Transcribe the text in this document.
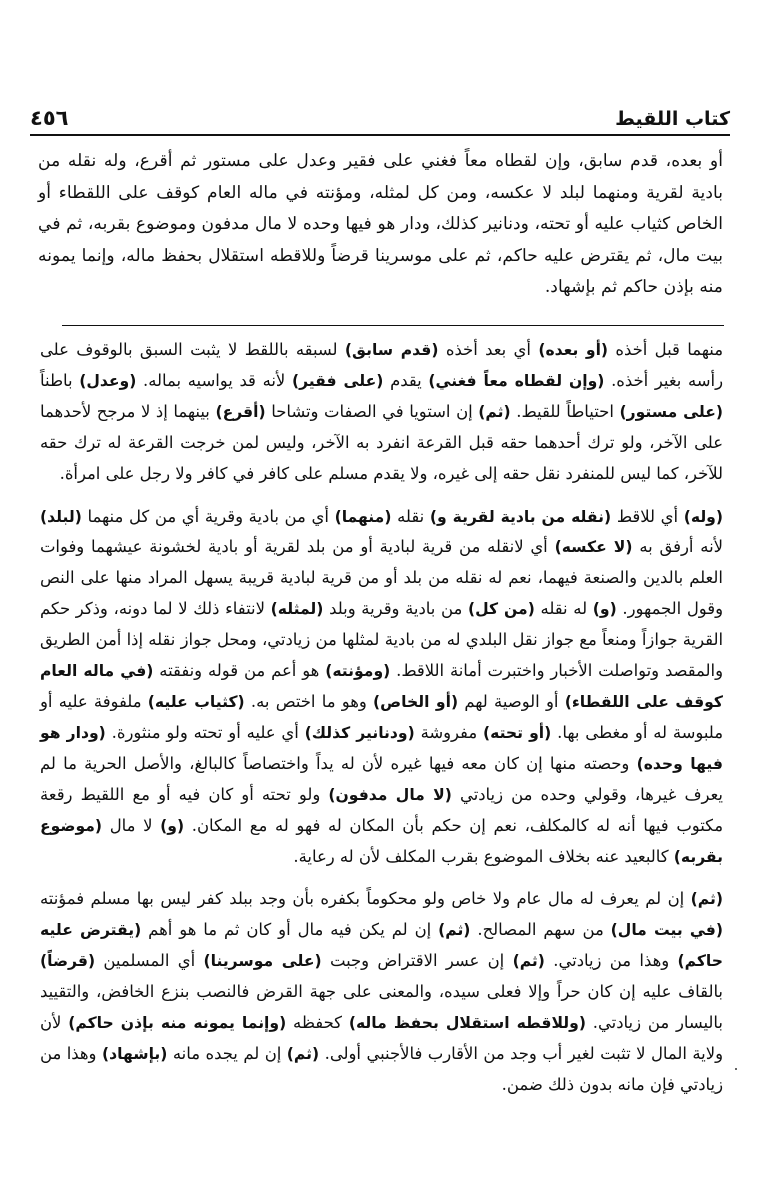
٤٥٦	كتاب اللقيط

أو بعده، قدم سابق، وإن لقطاه معاً فغني على فقير وعدل على مستور ثم أقرع، وله نقله من بادية لقرية ومنهما لبلد لا عكسه، ومن كل لمثله، ومؤنته في ماله العام كوقف على اللقطاء أو الخاص كثياب عليه أو تحته، ودنانير كذلك، ودار هو فيها وحده لا مال مدفون وموضوع بقربه، ثم في بيت مال، ثم يقترض عليه حاكم، ثم على موسرينا قرضاً وللاقطه استقلال بحفظ ماله، وإنما يمونه منه بإذن حاكم ثم بإشهاد.

منهما قبل أخذه (أو بعده) أي بعد أخذه (قدم سابق) لسبقه باللقط لا يثبت السبق بالوقوف على رأسه بغير أخذه. (وإن لقطاه معاً فغني) يقدم (على فقير) لأنه قد يواسيه بماله. (وعدل) باطناً (على مستور) احتياطاً للقيط. (ثم) إن استويا في الصفات وتشاحا (أقرع) بينهما إذ لا مرجح لأحدهما على الآخر، ولو ترك أحدهما حقه قبل القرعة انفرد به الآخر، وليس لمن خرجت القرعة له ترك حقه للآخر، كما ليس للمنفرد نقل حقه إلى غيره، ولا يقدم مسلم على كافر في كافر ولا رجل على امرأة.

(وله) أي للاقط (نقله من بادية لقرية و) نقله (منهما) أي من بادية وقرية أي من كل منهما (لبلد) لأنه أرفق به (لا عكسه) أي لانقله من قرية لبادية أو من بلد لقرية أو بادية لخشونة عيشهما وفوات العلم بالدين والصنعة فيهما، نعم له نقله من بلد أو من قرية لبادية قريبة يسهل المراد منها على النص وقول الجمهور. (و) له نقله (من كل) من بادية وقرية وبلد (لمثله) لانتفاء ذلك لا لما دونه، وذكر حكم القرية جوازاً ومنعاً مع جواز نقل البلدي له من بادية لمثلها من زيادتي، ومحل جواز نقله إذا أمن الطريق والمقصد وتواصلت الأخبار واختبرت أمانة اللاقط. (ومؤنته) هو أعم من قوله ونفقته (في ماله العام كوقف على اللقطاء) أو الوصية لهم (أو الخاص) وهو ما اختص به. (كثياب عليه) ملفوفة عليه أو ملبوسة له أو مغطى بها. (أو تحته) مفروشة (ودنانير كذلك) أي عليه أو تحته ولو منثورة. (ودار هو فيها وحده) وحصته منها إن كان معه فيها غيره لأن له يداً واختصاصاً كالبالغ، والأصل الحرية ما لم يعرف غيرها، وقولي وحده من زيادتي (لا مال مدفون) ولو تحته أو كان فيه أو مع اللقيط رقعة مكتوب فيها أنه له كالمكلف، نعم إن حكم بأن المكان له فهو له مع المكان. (و) لا مال (موضوع بقربه) كالبعيد عنه بخلاف الموضوع بقرب المكلف لأن له رعاية.

(ثم) إن لم يعرف له مال عام ولا خاص ولو محكوماً بكفره بأن وجد ببلد كفر ليس بها مسلم فمؤنته (في بيت مال) من سهم المصالح. (ثم) إن لم يكن فيه مال أو كان ثم ما هو أهم (يقترض عليه حاكم) وهذا من زيادتي. (ثم) إن عسر الاقتراض وجبت (على موسرينا) أي المسلمين (قرضاً) بالقاف عليه إن كان حراً وإلا فعلى سيده، والمعنى على جهة القرض فالنصب بنزع الخافض، والتقييد باليسار من زيادتي. (وللاقطه استقلال بحفظ ماله) كحفظه (وإنما يمونه منه بإذن حاكم) لأن ولاية المال لا تثبت لغير أب وجد من الأقارب فالأجنبي أولى. (ثم) إن لم يجده مانه (بإشهاد) وهذا من زيادتي فإن مانه بدون ذلك ضمن.
